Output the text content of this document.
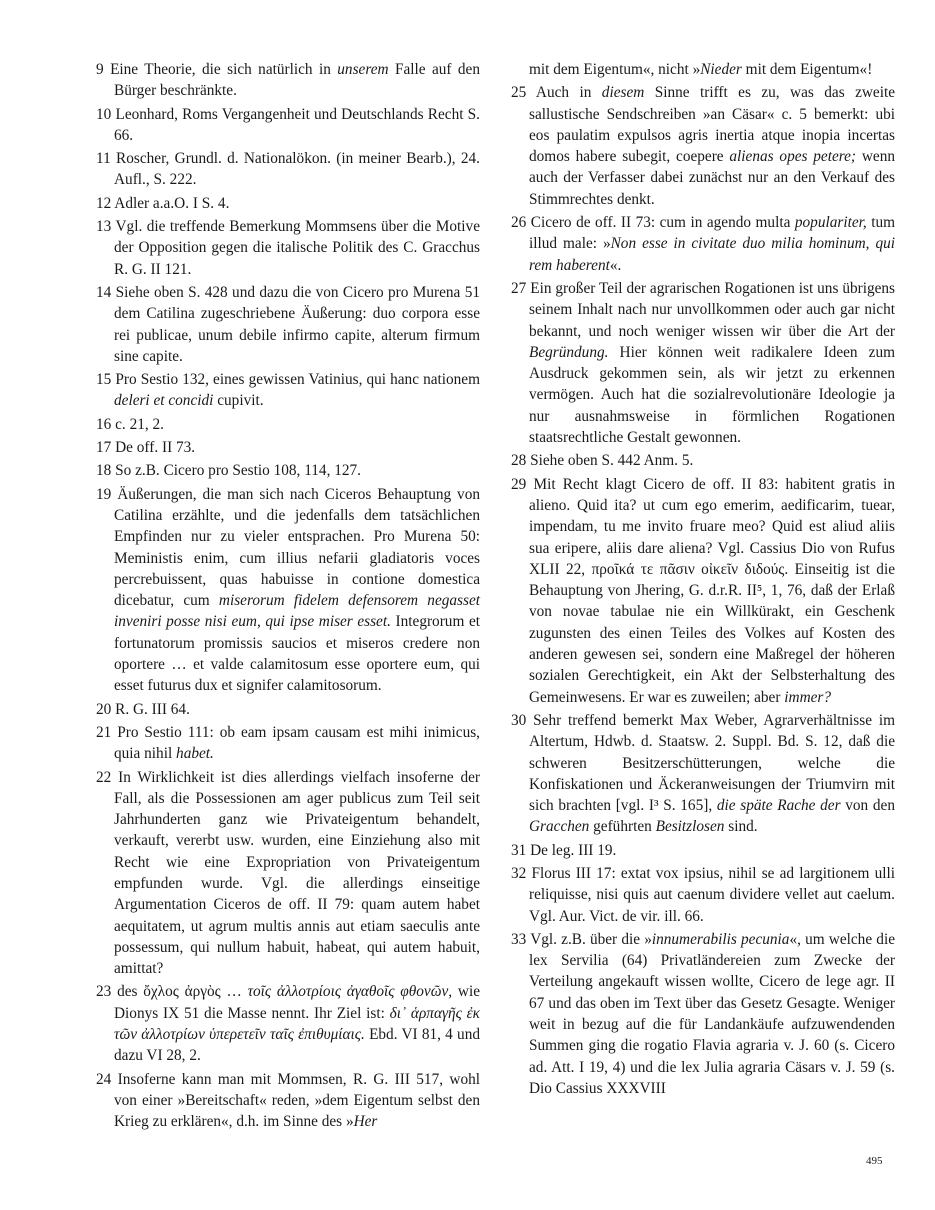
9 Eine Theorie, die sich natürlich in unserem Falle auf den Bürger beschränkte.

10 Leonhard, Roms Vergangenheit und Deutschlands Recht S. 66.

11 Roscher, Grundl. d. Nationalökon. (in meiner Bearb.), 24. Aufl., S. 222.

12 Adler a.a.O. I S. 4.

13 Vgl. die treffende Bemerkung Mommsens über die Motive der Opposition gegen die italische Politik des C. Gracchus R. G. II 121.

14 Siehe oben S. 428 und dazu die von Cicero pro Murena 51 dem Catilina zugeschriebene Äußerung: duo corpora esse rei publicae, unum debile infirmo capite, alterum firmum sine capite.

15 Pro Sestio 132, eines gewissen Vatinius, qui hanc nationem deleri et concidi cupivit.

16 c. 21, 2.

17 De off. II 73.

18 So z.B. Cicero pro Sestio 108, 114, 127.

19 Äußerungen, die man sich nach Ciceros Behauptung von Catilina erzählte, und die jedenfalls dem tatsächlichen Empfinden nur zu vieler entsprachen. Pro Murena 50: Meministis enim, cum illius nefarii gladiatoris voces percrebuissent, quas habuisse in contione domestica dicebatur, cum miserorum fidelem defensorem negasset inveniri posse nisi eum, qui ipse miser esset. Integrorum et fortunatorum promissis saucios et miseros credere non oportere … et valde calamitosum esse oportere eum, qui esset futurus dux et signifer calamitosorum.

20 R. G. III 64.

21 Pro Sestio 111: ob eam ipsam causam est mihi inimicus, quia nihil habet.

22 In Wirklichkeit ist dies allerdings vielfach insoferne der Fall, als die Possessionen am ager publicus zum Teil seit Jahrhunderten ganz wie Privateigentum behandelt, verkauft, vererbt usw. wurden, eine Einziehung also mit Recht wie eine Expropriation von Privateigentum empfunden wurde. Vgl. die allerdings einseitige Argumentation Ciceros de off. II 79: quam autem habet aequitatem, ut agrum multis annis aut etiam saeculis ante possessum, qui nullum habuit, habeat, qui autem habuit, amittat?

23 des ὄχλος ἀργὸς … τοῖς ἀλλοτρίοις ἀγαθοῖς φθονῶν, wie Dionys IX 51 die Masse nennt. Ihr Ziel ist: δι᾽ ἁρπαγῆς ἐκ τῶν ἀλλοτρίων ὑπερετεῖν ταῖς ἐπιθυμίαις. Ebd. VI 81, 4 und dazu VI 28, 2.

24 Insoferne kann man mit Mommsen, R. G. III 517, wohl von einer »Bereitschaft« reden, »dem Eigentum selbst den Krieg zu erklären«, d.h. im Sinne des »Her

mit dem Eigentum«, nicht »Nieder mit dem Eigentum«!

25 Auch in diesem Sinne trifft es zu, was das zweite sallustische Sendschreiben »an Cäsar« c. 5 bemerkt: ubi eos paulatim expulsos agris inertia atque inopia incertas domos habere subegit, coepere alienas opes petere; wenn auch der Verfasser dabei zunächst nur an den Verkauf des Stimmrechtes denkt.

26 Cicero de off. II 73: cum in agendo multa populariter, tum illud male: »Non esse in civitate duo milia hominum, qui rem haberent«.

27 Ein großer Teil der agrarischen Rogationen ist uns übrigens seinem Inhalt nach nur unvollkommen oder auch gar nicht bekannt, und noch weniger wissen wir über die Art der Begründung. Hier können weit radikalere Ideen zum Ausdruck gekommen sein, als wir jetzt zu erkennen vermögen. Auch hat die sozialrevolutionäre Ideologie ja nur ausnahmsweise in förmlichen Rogationen staatsrechtliche Gestalt gewonnen.

28 Siehe oben S. 442 Anm. 5.

29 Mit Recht klagt Cicero de off. II 83: habitent gratis in alieno. Quid ita? ut cum ego emerim, aedificarim, tuear, impendam, tu me invito fruare meo? Quid est aliud aliis sua eripere, aliis dare aliena? Vgl. Cassius Dio von Rufus XLII 22, προῖκά τε πᾶσιν οἰκεῖν διδούς. Einseitig ist die Behauptung von Jhering, G. d.r.R. II⁵, 1, 76, daß der Erlaß von novae tabulae nie ein Willkürakt, ein Geschenk zugunsten des einen Teiles des Volkes auf Kosten des anderen gewesen sei, sondern eine Maßregel der höheren sozialen Gerechtigkeit, ein Akt der Selbsterhaltung des Gemeinwesens. Er war es zuweilen; aber immer?

30 Sehr treffend bemerkt Max Weber, Agrarverhältnisse im Altertum, Hdwb. d. Staatsw. 2. Suppl. Bd. S. 12, daß die schweren Besitzerschütterungen, welche die Konfiskationen und Äckeranweisungen der Triumvirn mit sich brachten [vgl. I³ S. 165], die späte Rache der von den Gracchen geführten Besitzlosen sind.

31 De leg. III 19.

32 Florus III 17: extat vox ipsius, nihil se ad largitionem ulli reliquisse, nisi quis aut caenum dividere vellet aut caelum. Vgl. Aur. Vict. de vir. ill. 66.

33 Vgl. z.B. über die »innumerabilis pecunia«, um welche die lex Servilia (64) Privatländereien zum Zwecke der Verteilung angekauft wissen wollte, Cicero de lege agr. II 67 und das oben im Text über das Gesetz Gesagte. Weniger weit in bezug auf die für Landankäufe aufzuwendenden Summen ging die rogatio Flavia agraria v. J. 60 (s. Cicero ad. Att. I 19, 4) und die lex Julia agraria Cäsars v. J. 59 (s. Dio Cassius XXXVIII

495
